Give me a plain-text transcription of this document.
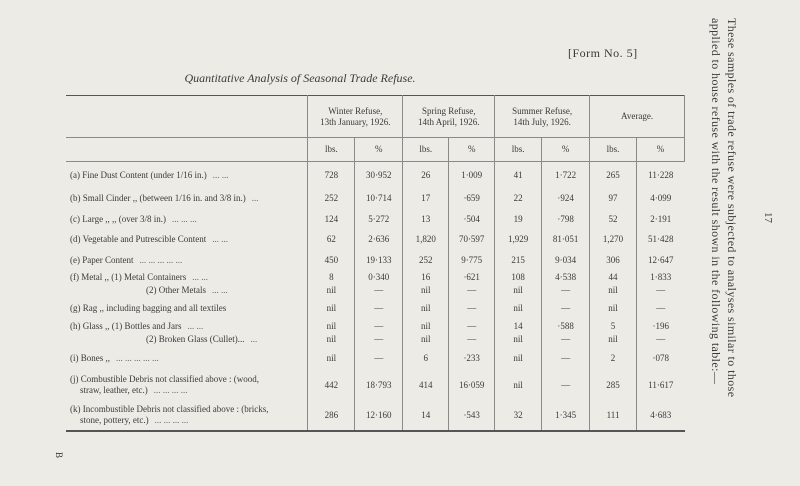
[Form No. 5]
Quantitative Analysis of Seasonal Trade Refuse.	These samples of trade refuse were subjected to analyses similar to those applied to house refuse with the result shown in the following table:—	17
B
	Winter Refuse,
13th January, 1926.		Spring Refuse,
14th April, 1926.		Summer Refuse,
14th July, 1926.		Average.	
	lbs.	%	lbs.	%	lbs.	%	lbs.	%
(a) Fine Dust Content (under 1/16 in.) ... ...	728	30·952	26	1·009	41	1·722	265	11·228
(b) Small Cinder ,, (between 1/16 in. and 3/8 in.) ...	252	10·714	17	·659	22	·924	97	4·099
(c) Large ,, ,, (over 3/8 in.) ... ... ...	124	5·272	13	·504	19	·798	52	2·191
(d) Vegetable and Putrescible Content ... ...	62	2·636	1,820	70·597	1,929	81·051	1,270	51·428
(e) Paper Content ... ... ... ... ...	450	19·133	252	9·775	215	9·034	306	12·647
(f) Metal ,, (1) Metal Containers ... ...	8	0·340	16	·621	108	4·538	44	1·833
(2) Other Metals ... ...	nil	—	nil	—	nil	—	nil	—
(g) Rag ,, including bagging and all textiles	nil	—	nil	—	nil	—	nil	—
(h) Glass ,, (1) Bottles and Jars ... ...	nil	—	nil	—	14	·588	5	·196
(2) Broken Glass (Cullet)... ...	nil	—	nil	—	nil	—	nil	—
(i) Bones ,, ... ... ... ... ...	nil	—	6	·233	nil	—	2	·078
(j) Combustible Debris not classified above : (wood,
straw, leather, etc.) ... ... ... ...	442	18·793	414	16·059	nil	—	285	11·617
(k) Incombustible Debris not classified above : (bricks,
stone, pottery, etc.) ... ... ... ...	286	12·160	14	·543	32	1·345	111	4·683
